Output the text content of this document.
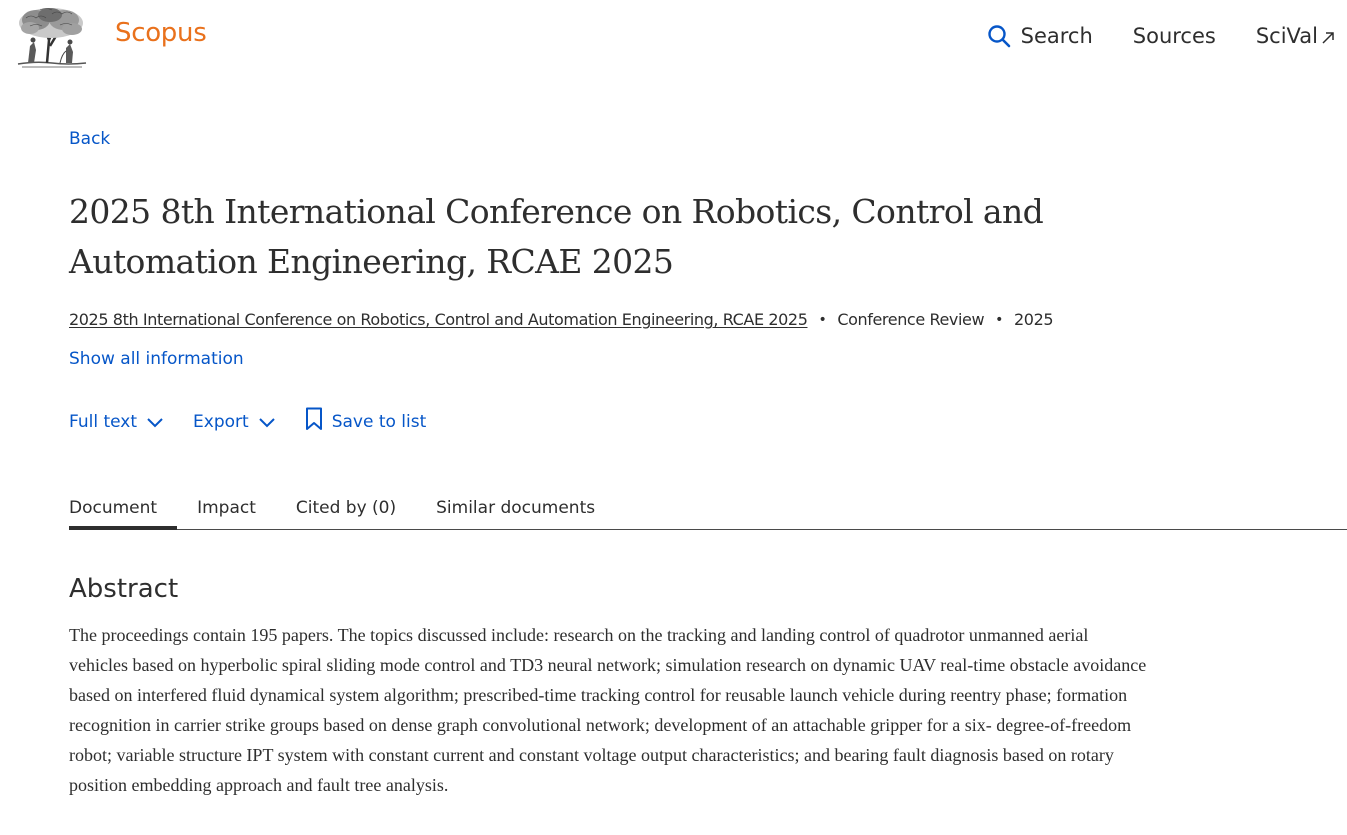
Scopus	Search Sources SciVal
Back
2025 8th International Conference on Robotics, Control and Automation Engineering, RCAE 2025
2025 8th International Conference on Robotics, Control and Automation Engineering, RCAE 2025 • Conference Review • 2025
Show all information
Full text	Export	Save to list
Document Impact Cited by (0) Similar documents
Abstract

The proceedings contain 195 papers. The topics discussed include: research on the tracking and landing control of quadrotor unmanned aerial vehicles based on hyperbolic spiral sliding mode control and TD3 neural network; simulation research on dynamic UAV real-time obstacle avoidance based on interfered fluid dynamical system algorithm; prescribed-time tracking control for reusable launch vehicle during reentry phase; formation recognition in carrier strike groups based on dense graph convolutional network; development of an attachable gripper for a six- degree-of-freedom robot; variable structure IPT system with constant current and constant voltage output characteristics; and bearing fault diagnosis based on rotary position embedding approach and fault tree analysis.
